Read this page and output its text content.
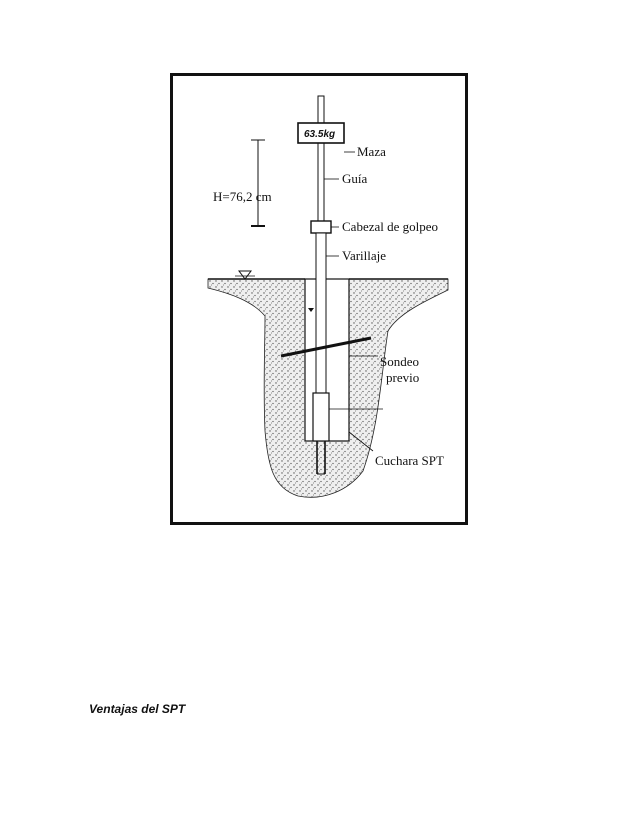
63.5kg
H=76,2 cm
Maza
Guía
Cabezal de golpeo
Varillaje
Sondeo
previo
Cuchara SPT

Ventajas del SPT
